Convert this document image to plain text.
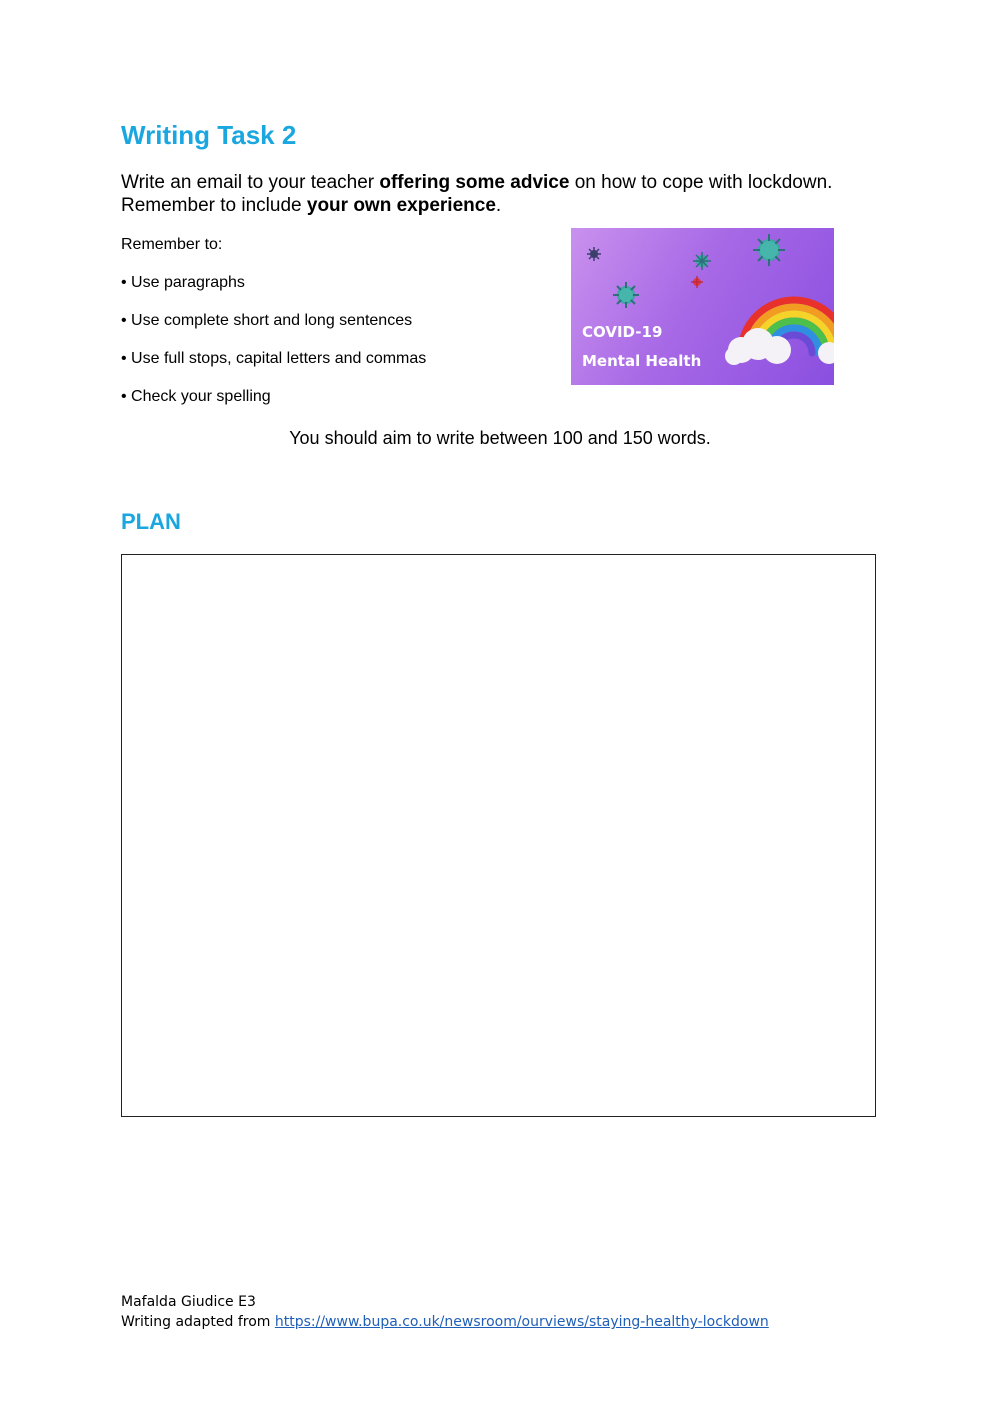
Writing Task 2
Write an email to your teacher offering some advice on how to cope with lockdown. Remember to include your own experience.
Remember to:
• Use paragraphs
• Use complete short and long sentences
• Use full stops, capital letters and commas
• Check your spelling
COVID-19
Mental Health
You should aim to write between 100 and 150 words.
PLAN
Mafalda Giudice E3
Writing adapted from https://www.bupa.co.uk/newsroom/ourviews/staying-healthy-lockdown
